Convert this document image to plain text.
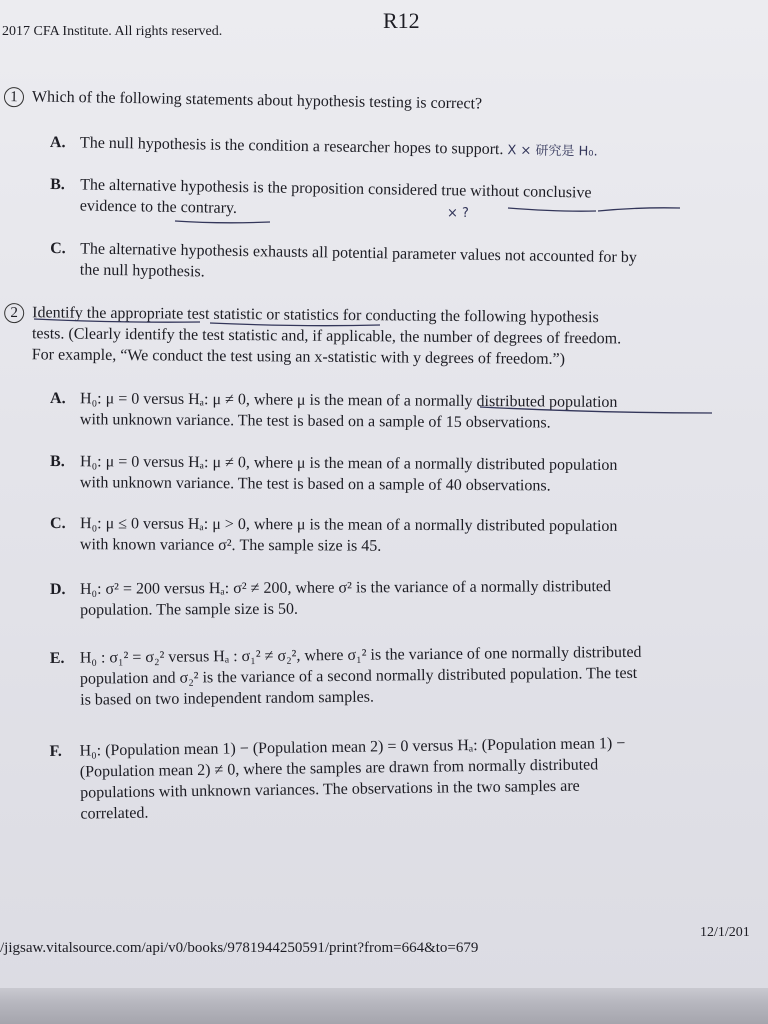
2017 CFA Institute. All rights reserved.	R12
1 Which of the following statements about hypothesis testing is correct?
A. The null hypothesis is the condition a researcher hopes to support. X × 研究是 H₀.
B. The alternative hypothesis is the proposition considered true without conclusive
evidence to the contrary.	× ?
C. The alternative hypothesis exhausts all potential parameter values not accounted for by
the null hypothesis.
2 Identify the appropriate test statistic or statistics for conducting the following hypothesis
tests. (Clearly identify the test statistic and, if applicable, the number of degrees of freedom.
For example, “We conduct the test using an x-statistic with y degrees of freedom.”)
A. H₀: μ = 0 versus Hₐ: μ ≠ 0, where μ is the mean of a normally distributed population
with unknown variance. The test is based on a sample of 15 observations.
B. H₀: μ = 0 versus Hₐ: μ ≠ 0, where μ is the mean of a normally distributed population
with unknown variance. The test is based on a sample of 40 observations.
C. H₀: μ ≤ 0 versus Hₐ: μ > 0, where μ is the mean of a normally distributed population
with known variance σ². The sample size is 45.
D. H₀: σ² = 200 versus Hₐ: σ² ≠ 200, where σ² is the variance of a normally distributed
population. The sample size is 50.
E. H₀ : σ₁² = σ₂² versus Hₐ : σ₁² ≠ σ₂², where σ₁² is the variance of one normally distributed
population and σ₂² is the variance of a second normally distributed population. The test
is based on two independent random samples.
F. H₀: (Population mean 1) − (Population mean 2) = 0 versus Hₐ: (Population mean 1) −
(Population mean 2) ≠ 0, where the samples are drawn from normally distributed
populations with unknown variances. The observations in the two samples are
correlated.
/jigsaw.vitalsource.com/api/v0/books/9781944250591/print?from=664&to=679
12/1/201
